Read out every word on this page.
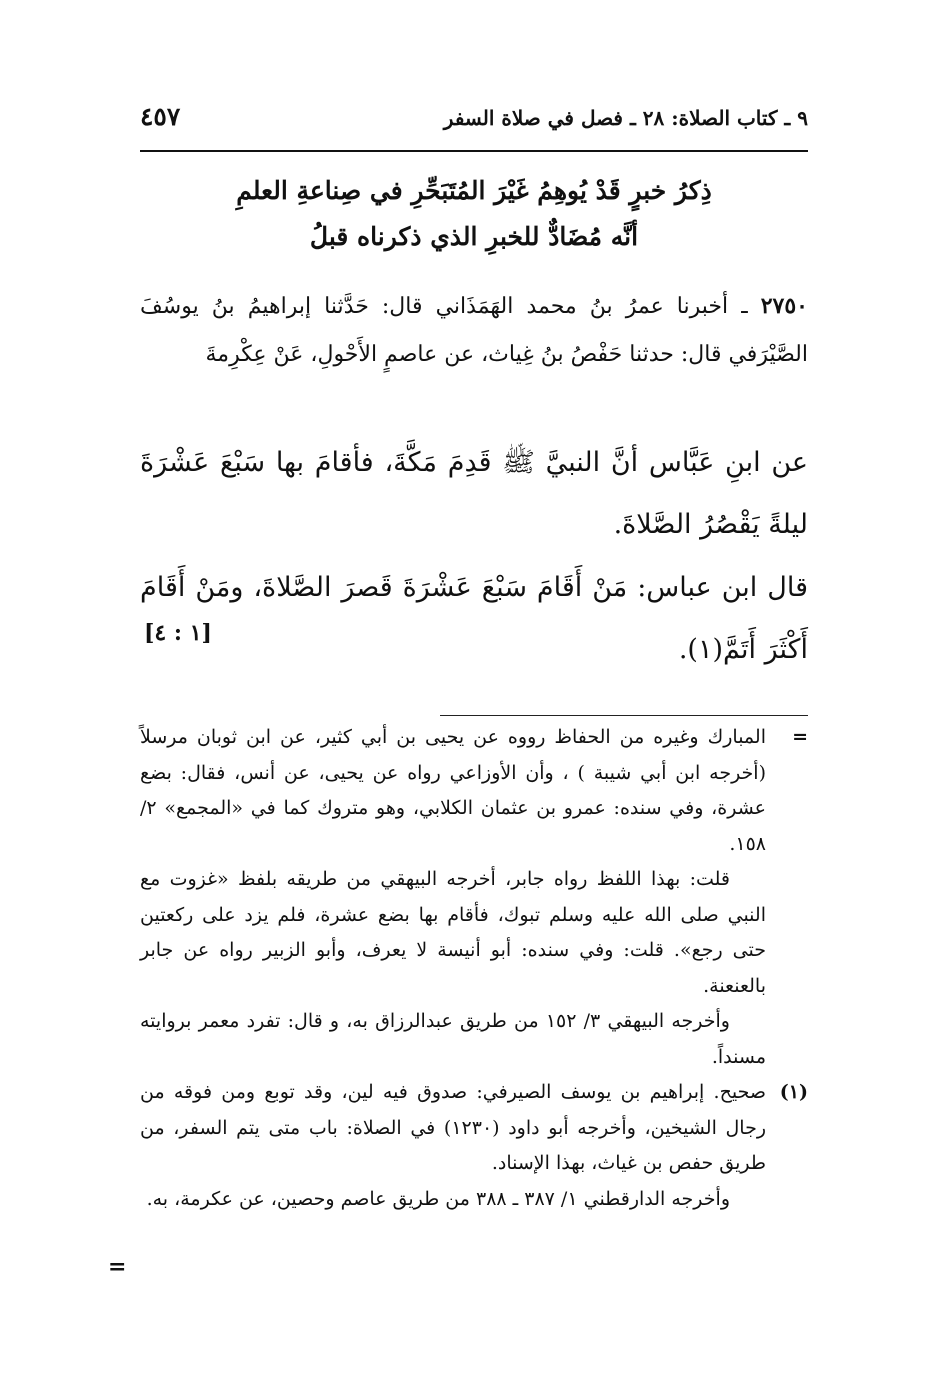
٩ ـ كتاب الصلاة: ٢٨ ـ فصل في صلاة السفر
٤٥٧
ذِكرُ خبرٍ قَدْ يُوهِمُ غَيْرَ المُتَبَحِّرِ في صِناعةِ العلمِ
أنَّه مُضَادٌّ للخبرِ الذي ذكرناه قبلُ
٢٧٥٠ ـ أخبرنا عمرُ بنُ محمد الهَمَذَاني قال: حَدَّثنا إبراهيمُ بنُ يوسُفَ الصَّيْرَفي قال: حدثنا حَفْصُ بنُ غِياث، عن عاصمٍ الأَحْولِ، عَنْ عِكْرِمةَ
عن ابنِ عَبَّاس أنَّ النبيَّ ﷺ قَدِمَ مَكَّةَ، فأقامَ بها سَبْعَ عَشْرَةَ ليلةً يَقْصُرُ الصَّلاةَ.
قال ابن عباس: مَنْ أَقَامَ سَبْعَ عَشْرَةَ قَصرَ الصَّلاةَ، ومَنْ أَقَامَ أَكْثَرَ أَتَمَّ(١).
[١ : ٤]
=

المبارك وغيره من الحفاظ رووه عن يحيى بن أبي كثير، عن ابن ثوبان مرسلاً (أخرجه ابن أبي شيبة ) ، وأن الأوزاعي رواه عن يحيى، عن أنس، فقال: بضع عشرة، وفي سنده: عمرو بن عثمان الكلابي، وهو متروك كما في «المجمع» ٢/ ١٥٨.

قلت: بهذا اللفظ رواه جابر، أخرجه البيهقي من طريقه بلفظ «غزوت مع النبي صلى الله عليه وسلم تبوك، فأقام بها بضع عشرة، فلم يزد على ركعتين حتى رجع». قلت: وفي سنده: أبو أنيسة لا يعرف، وأبو الزبير رواه عن جابر بالعنعنة.

وأخرجه البيهقي ٣/ ١٥٢ من طريق عبدالرزاق به، و قال: تفرد معمر بروايته مسنداً.

(١)

صحيح. إبراهيم بن يوسف الصيرفي: صدوق فيه لين، وقد توبع ومن فوقه من رجال الشيخين، وأخرجه أبو داود (١٢٣٠) في الصلاة: باب متى يتم السفر، من طريق حفص بن غياث، بهذا الإسناد.

وأخرجه الدارقطني ١/ ٣٨٧ ـ ٣٨٨ من طريق عاصم وحصين، عن عكرمة، به.

=
